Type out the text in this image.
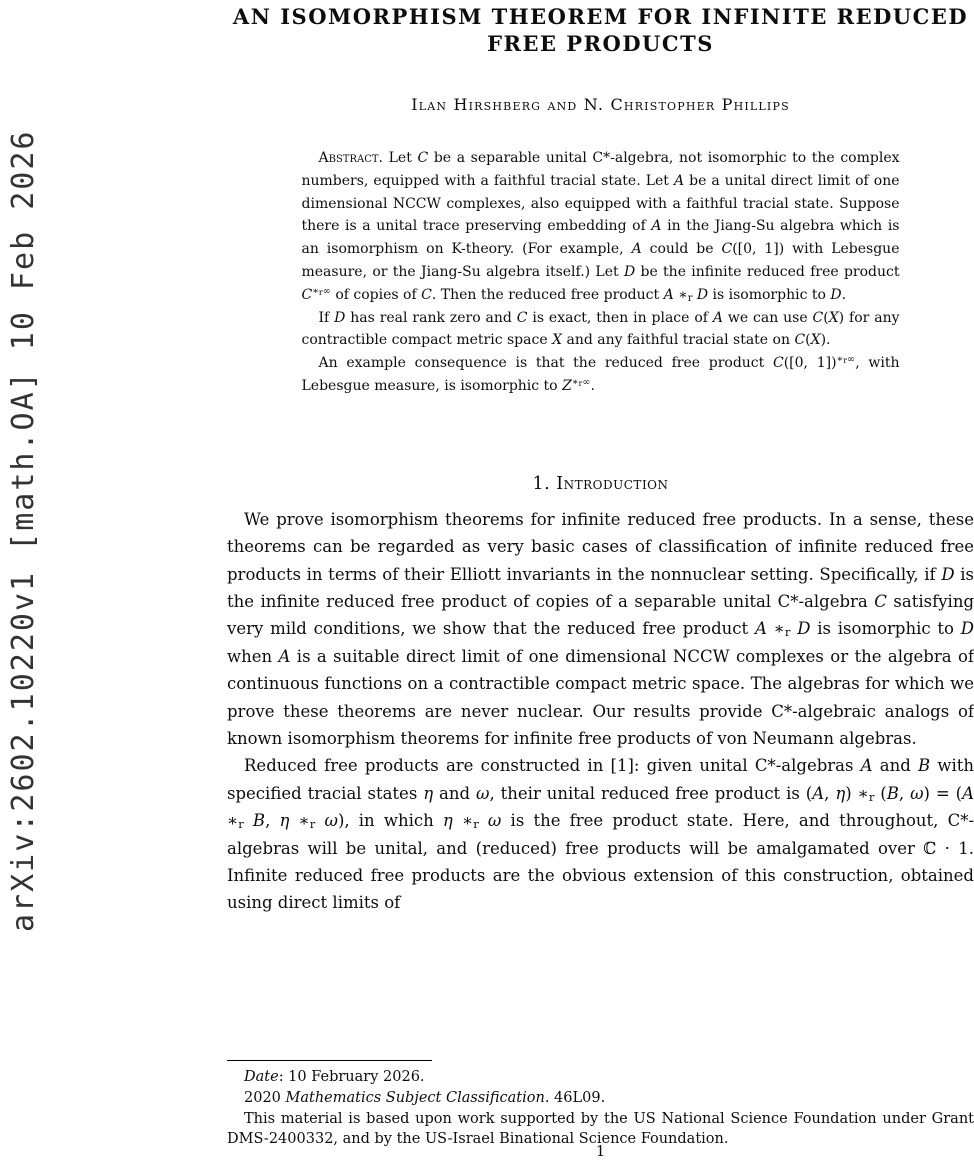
arXiv:2602.10220v1 [math.OA] 10 Feb 2026
AN ISOMORPHISM THEOREM FOR INFINITE REDUCED FREE PRODUCTS
Ilan Hirshberg and N. Christopher Phillips

Abstract. Let C be a separable unital C*-algebra, not isomorphic to the complex numbers, equipped with a faithful tracial state. Let A be a unital direct limit of one dimensional NCCW complexes, also equipped with a faithful tracial state. Suppose there is a unital trace preserving embedding of A in the Jiang-Su algebra which is an isomorphism on K-theory. (For example, A could be C([0, 1]) with Lebesgue measure, or the Jiang-Su algebra itself.) Let D be the infinite reduced free product $C^{∗_r\infty}$ of copies of C. Then the reduced free product A $∗_r$ D is isomorphic to D.

If D has real rank zero and C is exact, then in place of A we can use C(X) for any contractible compact metric space X and any faithful tracial state on C(X).

An example consequence is that the reduced free product C([0, 1])$^{∗_r\infty}$, with Lebesgue measure, is isomorphic to $Z^{∗_r\infty}$.

1. Introduction

We prove isomorphism theorems for infinite reduced free products. In a sense, these theorems can be regarded as very basic cases of classification of infinite reduced free products in terms of their Elliott invariants in the nonnuclear setting. Specifically, if D is the infinite reduced free product of copies of a separable unital C*-algebra C satisfying very mild conditions, we show that the reduced free product A $∗_r$ D is isomorphic to D when A is a suitable direct limit of one dimensional NCCW complexes or the algebra of continuous functions on a contractible compact metric space. The algebras for which we prove these theorems are never nuclear. Our results provide C*-algebraic analogs of known isomorphism theorems for infinite free products of von Neumann algebras.

Reduced free products are constructed in [1]: given unital C*-algebras A and B with specified tracial states η and ω, their unital reduced free product is (A, η) $∗_r$ (B, ω) = (A $∗_r$ B, η $∗_r$ ω), in which η $∗_r$ ω is the free product state. Here, and throughout, C*-algebras will be unital, and (reduced) free products will be amalgamated over ℂ · 1. Infinite reduced free products are the obvious extension of this construction, obtained using direct limits of

Date: 10 February 2026.

2020 Mathematics Subject Classification. 46L09.

This material is based upon work supported by the US National Science Foundation under Grant DMS-2400332, and by the US-Israel Binational Science Foundation.

1
